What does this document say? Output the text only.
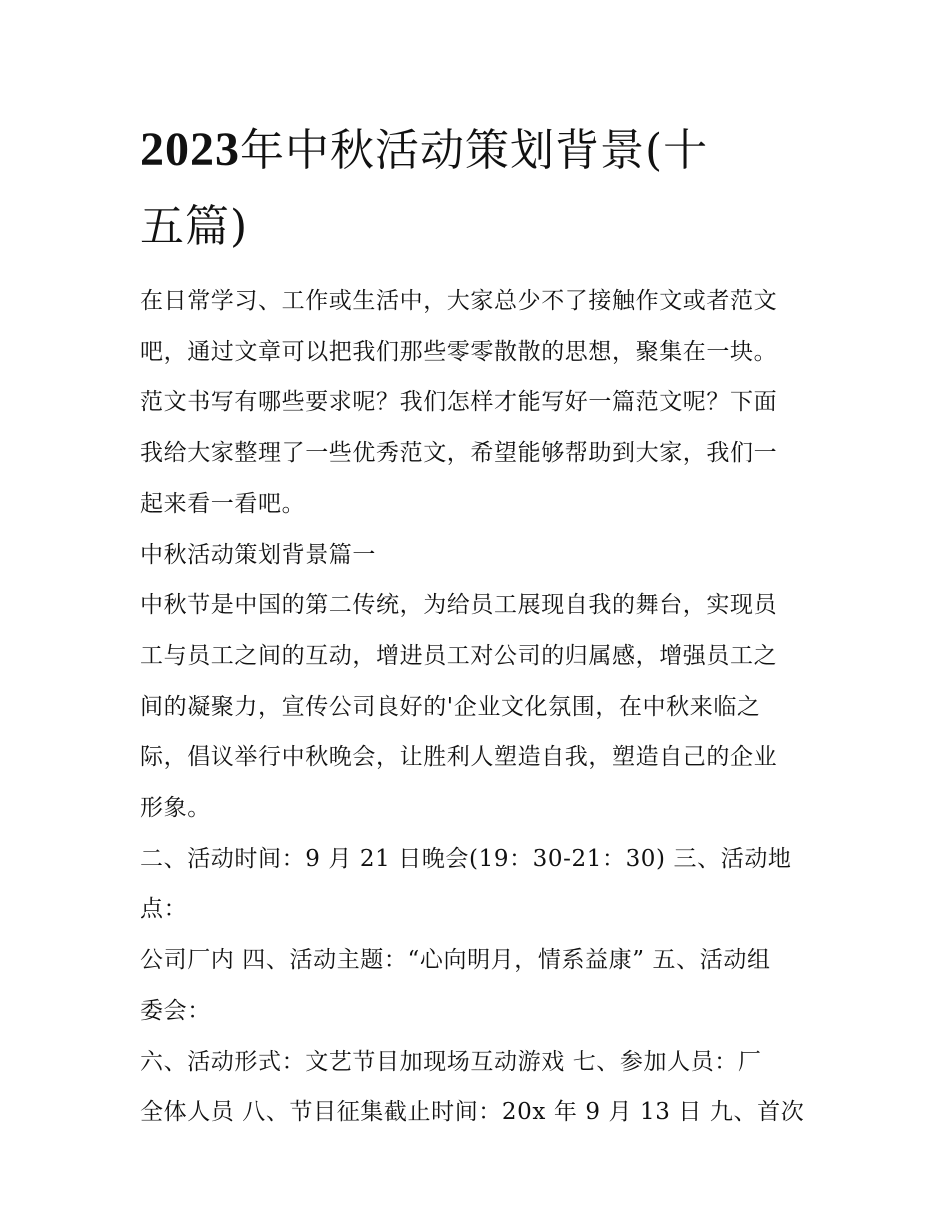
2023年中秋活动策划背景(十
五篇)

在日常学习、工作或生活中，大家总少不了接触作文或者范文
吧，通过文章可以把我们那些零零散散的思想，聚集在一块。
范文书写有哪些要求呢？我们怎样才能写好一篇范文呢？下面
我给大家整理了一些优秀范文，希望能够帮助到大家，我们一
起来看一看吧。

中秋活动策划背景篇一

中秋节是中国的第二传统，为给员工展现自我的舞台，实现员
工与员工之间的互动，增进员工对公司的归属感，增强员工之
间的凝聚力，宣传公司良好的'企业文化氛围，在中秋来临之
际，倡议举行中秋晚会，让胜利人塑造自我，塑造自己的企业
形象。

二、活动时间：9 月 21 日晚会(19：30-21：30) 三、活动地点：
公司厂内 四、活动主题：“心向明月，情系益康” 五、活动组
委会：

六、活动形式：文艺节目加现场互动游戏 七、参加人员：厂
全体人员 八、节目征集截止时间：20x 年 9 月 13 日 九、首次
